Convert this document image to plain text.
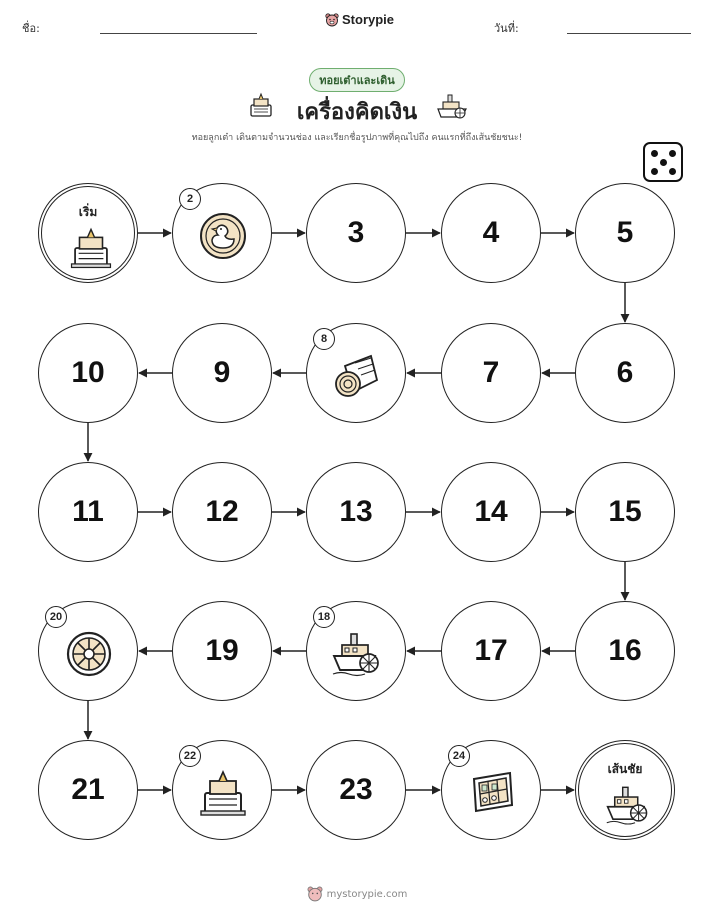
ชื่อ:
Storypie
วันที่:
ทอยเต๋าและเดิน
เครื่องคิดเงิน
ทอยลูกเต๋า เดินตามจำนวนช่อง และเรียกชื่อรูปภาพที่คุณไปถึง คนแรกที่ถึงเส้นชัยชนะ!
เริ่ม
2
3	4	5
6
7
8
9
10
11	12	13	14	15
16
17
18
19
20
21
22
23
24
เส้นชัย
mystorypie.com
